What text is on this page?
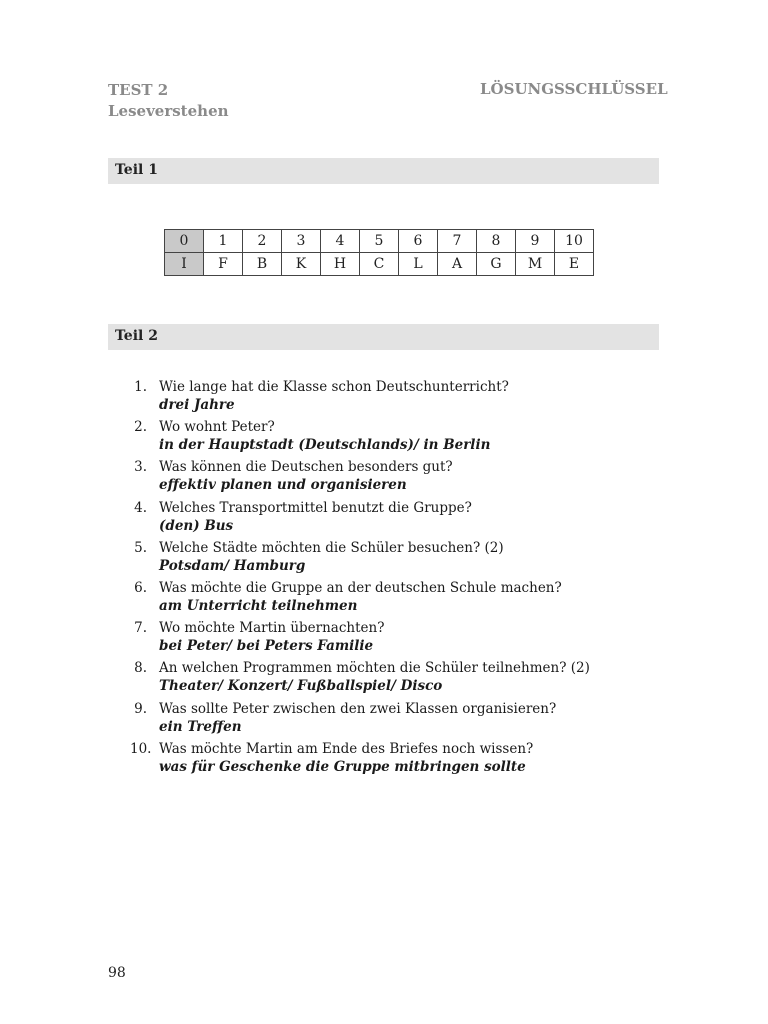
TEST 2
Leseverstehen
LÖSUNGSSCHLÜSSEL
Teil 1
0	1	2	3	4	5	6	7	8	9	10
I	F	B	K	H	C	L	A	G	M	E
Teil 2
1. Wie lange hat die Klasse schon Deutschunterricht?
drei Jahre
2. Wo wohnt Peter?
in der Hauptstadt (Deutschlands)/ in Berlin
3. Was können die Deutschen besonders gut?
effektiv planen und organisieren
4. Welches Transportmittel benutzt die Gruppe?
(den) Bus
5. Welche Städte möchten die Schüler besuchen? (2)
Potsdam/ Hamburg
6. Was möchte die Gruppe an der deutschen Schule machen?
am Unterricht teilnehmen
7. Wo möchte Martin übernachten?
bei Peter/ bei Peters Familie
8. An welchen Programmen möchten die Schüler teilnehmen? (2)
Theater/ Konzert/ Fußballspiel/ Disco
9. Was sollte Peter zwischen den zwei Klassen organisieren?
ein Treffen
10. Was möchte Martin am Ende des Briefes noch wissen?
was für Geschenke die Gruppe mitbringen sollte
98
